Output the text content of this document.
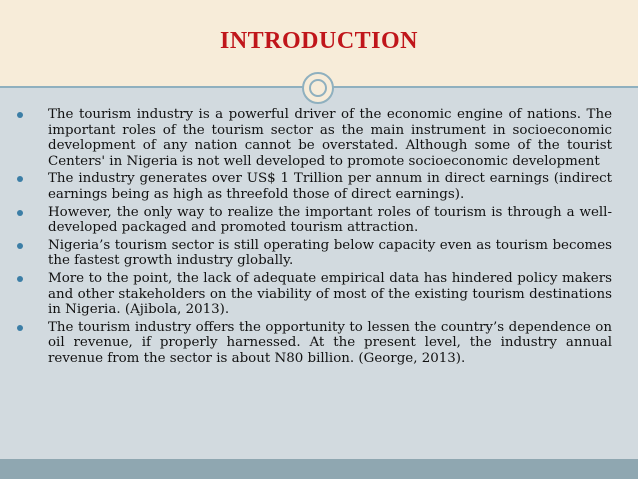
INTRODUCTION
The tourism industry is a powerful driver of the economic engine of nations. The important roles of the tourism sector as the main instrument in socioeconomic development of any nation cannot be overstated. Although some of the tourist Centers' in Nigeria is not well developed to promote socioeconomic development
The industry generates over US$ 1 Trillion per annum in direct earnings (indirect earnings being as high as threefold those of direct earnings).
However, the only way to realize the important roles of tourism is through a well-developed packaged and promoted tourism attraction.
Nigeria’s tourism sector is still operating below capacity even as tourism becomes the fastest growth industry globally.
More to the point, the lack of adequate empirical data has hindered policy makers and other stakeholders on the viability of most of the existing tourism destinations in Nigeria. (Ajibola, 2013).
The tourism industry offers the opportunity to lessen the country’s dependence on oil revenue, if properly harnessed. At the present level, the industry annual revenue from the sector is about N80 billion. (George, 2013).
